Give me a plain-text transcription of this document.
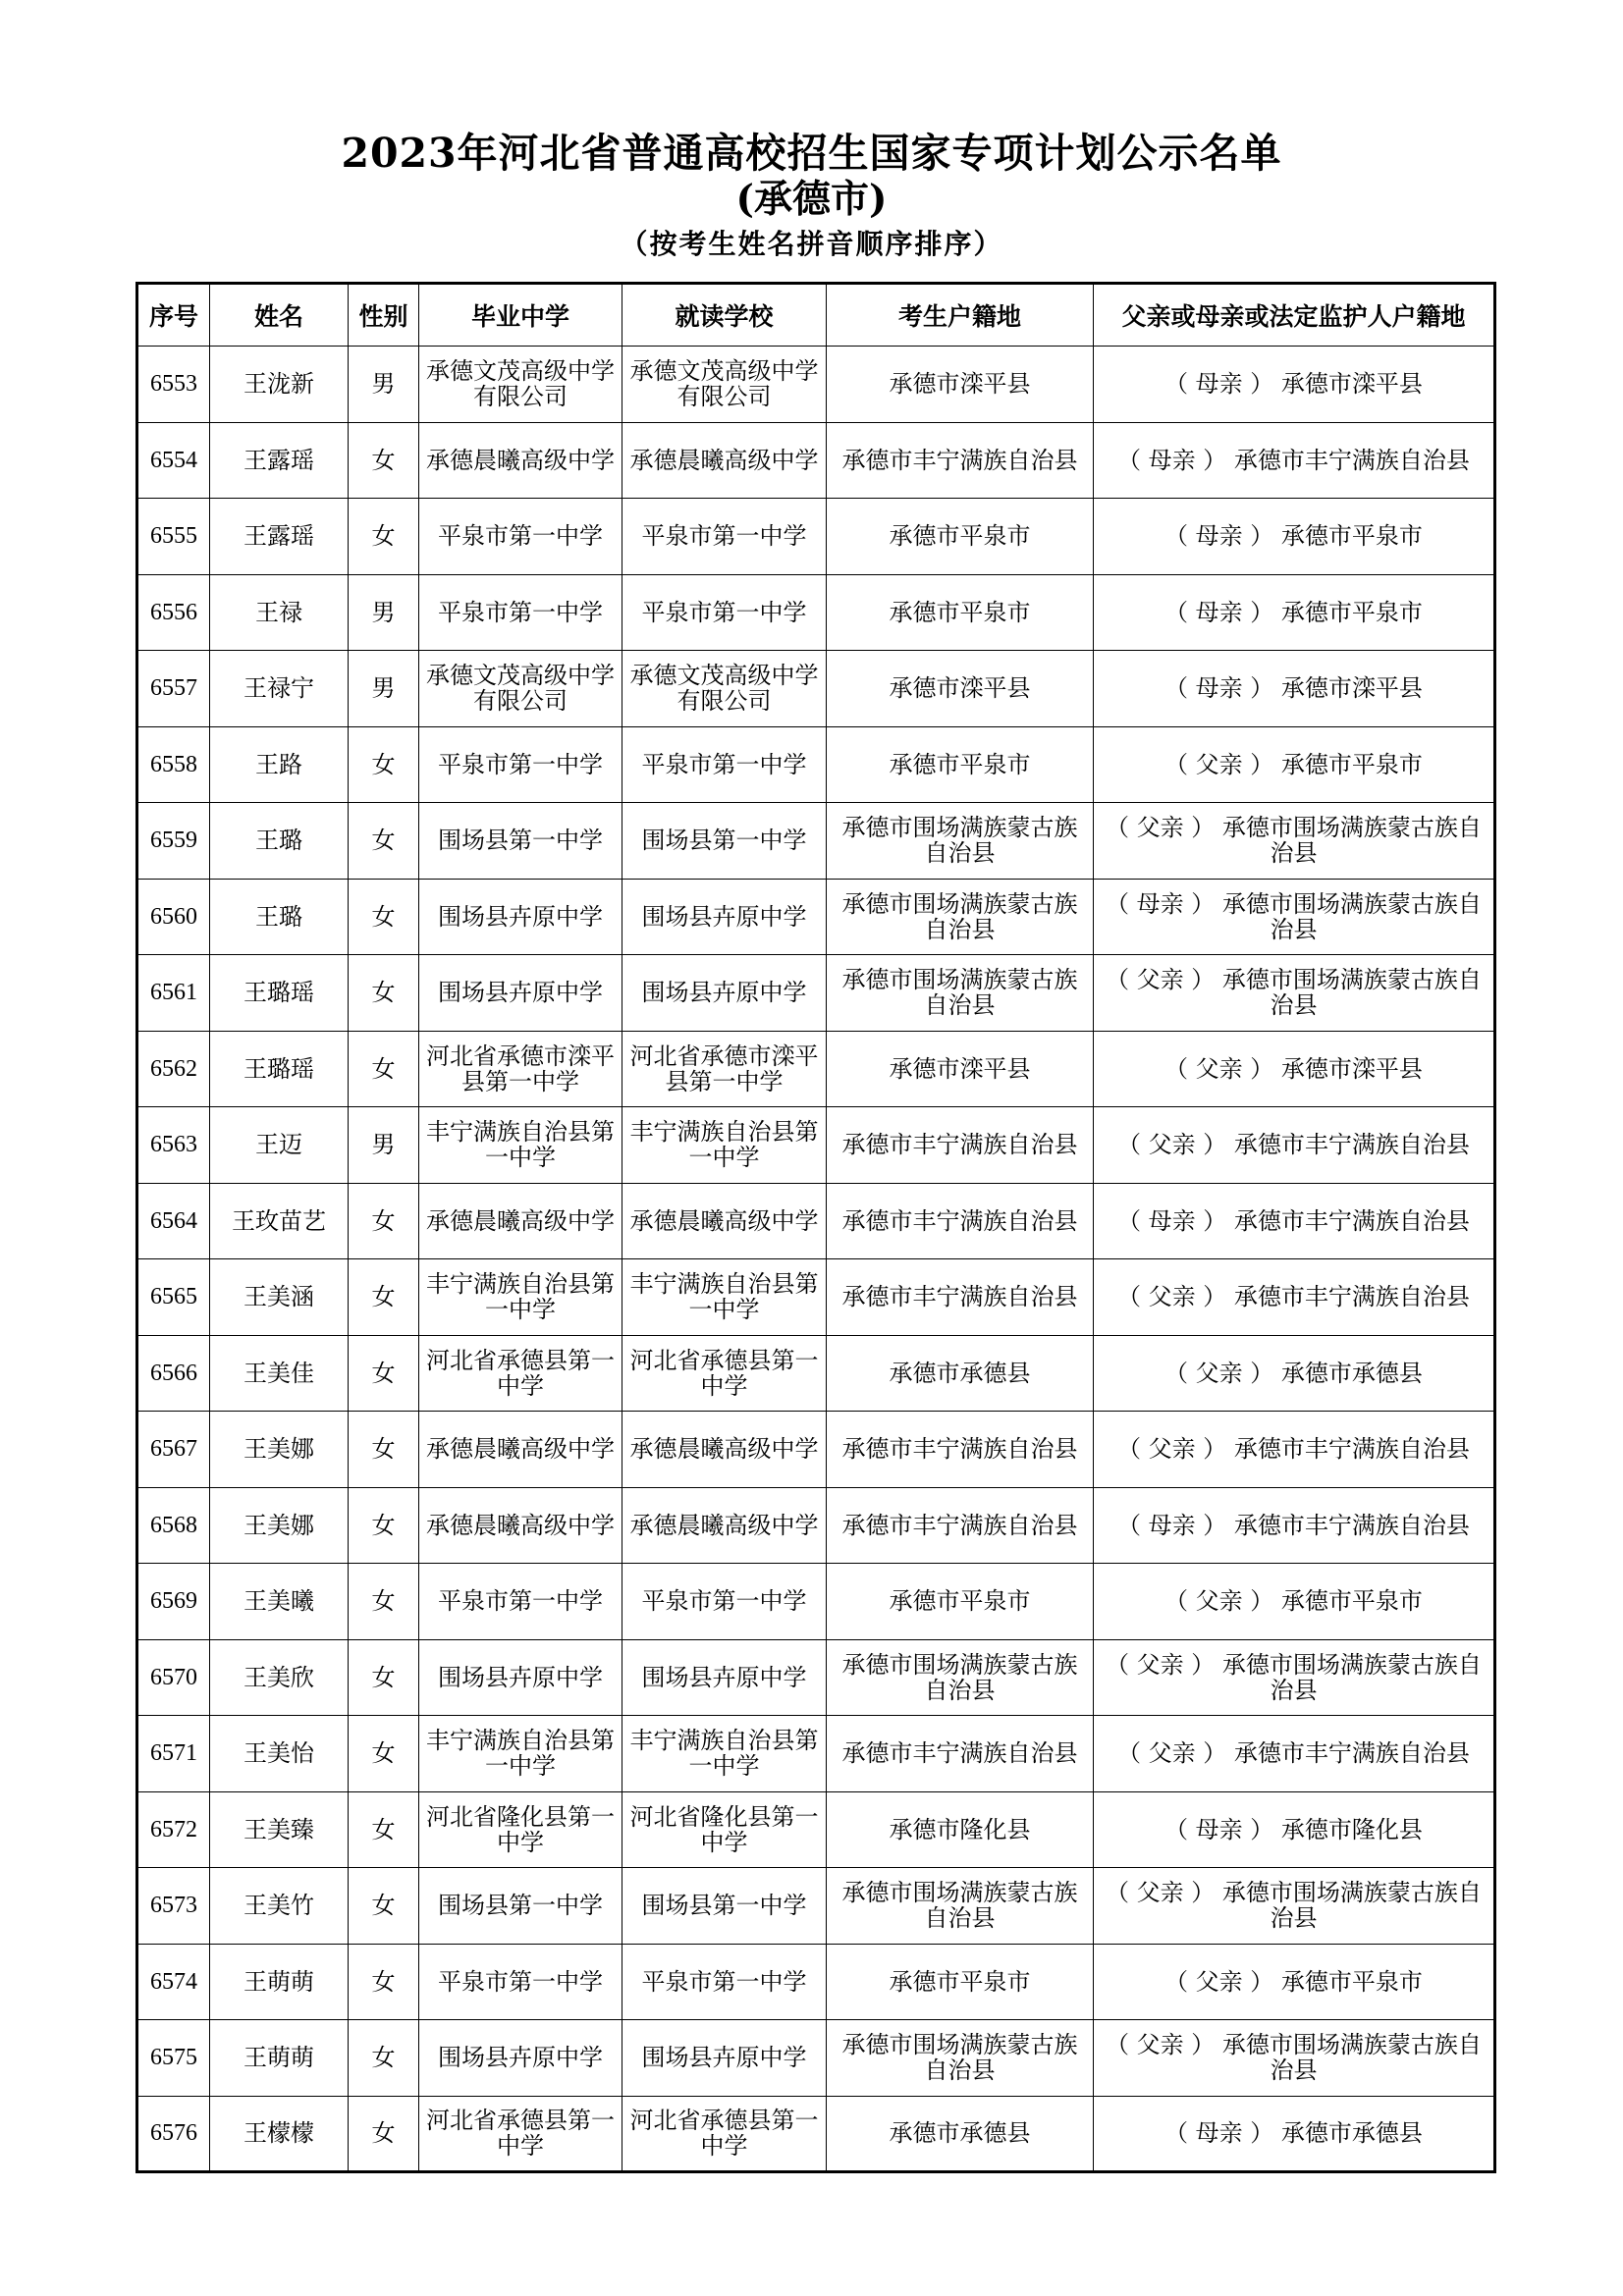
2023年河北省普通高校招生国家专项计划公示名单
(承德市)
（按考生姓名拼音顺序排序）
序号	姓名	性别	毕业中学	就读学校	考生户籍地	父亲或母亲或法定监护人户籍地
6553	王泷新	男	承德文茂高级中学有限公司	承德文茂高级中学有限公司	承德市滦平县	（ 母亲 ） 承德市滦平县
6554	王露瑶	女	承德晨曦高级中学	承德晨曦高级中学	承德市丰宁满族自治县	（ 母亲 ） 承德市丰宁满族自治县
6555	王露瑶	女	平泉市第一中学	平泉市第一中学	承德市平泉市	（ 母亲 ） 承德市平泉市
6556	王禄	男	平泉市第一中学	平泉市第一中学	承德市平泉市	（ 母亲 ） 承德市平泉市
6557	王禄宁	男	承德文茂高级中学有限公司	承德文茂高级中学有限公司	承德市滦平县	（ 母亲 ） 承德市滦平县
6558	王路	女	平泉市第一中学	平泉市第一中学	承德市平泉市	（ 父亲 ） 承德市平泉市
6559	王璐	女	围场县第一中学	围场县第一中学	承德市围场满族蒙古族自治县	（ 父亲 ） 承德市围场满族蒙古族自治县
6560	王璐	女	围场县卉原中学	围场县卉原中学	承德市围场满族蒙古族自治县	（ 母亲 ） 承德市围场满族蒙古族自治县
6561	王璐瑶	女	围场县卉原中学	围场县卉原中学	承德市围场满族蒙古族自治县	（ 父亲 ） 承德市围场满族蒙古族自治县
6562	王璐瑶	女	河北省承德市滦平县第一中学	河北省承德市滦平县第一中学	承德市滦平县	（ 父亲 ） 承德市滦平县
6563	王迈	男	丰宁满族自治县第一中学	丰宁满族自治县第一中学	承德市丰宁满族自治县	（ 父亲 ） 承德市丰宁满族自治县
6564	王玫苗艺	女	承德晨曦高级中学	承德晨曦高级中学	承德市丰宁满族自治县	（ 母亲 ） 承德市丰宁满族自治县
6565	王美涵	女	丰宁满族自治县第一中学	丰宁满族自治县第一中学	承德市丰宁满族自治县	（ 父亲 ） 承德市丰宁满族自治县
6566	王美佳	女	河北省承德县第一中学	河北省承德县第一中学	承德市承德县	（ 父亲 ） 承德市承德县
6567	王美娜	女	承德晨曦高级中学	承德晨曦高级中学	承德市丰宁满族自治县	（ 父亲 ） 承德市丰宁满族自治县
6568	王美娜	女	承德晨曦高级中学	承德晨曦高级中学	承德市丰宁满族自治县	（ 母亲 ） 承德市丰宁满族自治县
6569	王美曦	女	平泉市第一中学	平泉市第一中学	承德市平泉市	（ 父亲 ） 承德市平泉市
6570	王美欣	女	围场县卉原中学	围场县卉原中学	承德市围场满族蒙古族自治县	（ 父亲 ） 承德市围场满族蒙古族自治县
6571	王美怡	女	丰宁满族自治县第一中学	丰宁满族自治县第一中学	承德市丰宁满族自治县	（ 父亲 ） 承德市丰宁满族自治县
6572	王美臻	女	河北省隆化县第一中学	河北省隆化县第一中学	承德市隆化县	（ 母亲 ） 承德市隆化县
6573	王美竹	女	围场县第一中学	围场县第一中学	承德市围场满族蒙古族自治县	（ 父亲 ） 承德市围场满族蒙古族自治县
6574	王萌萌	女	平泉市第一中学	平泉市第一中学	承德市平泉市	（ 父亲 ） 承德市平泉市
6575	王萌萌	女	围场县卉原中学	围场县卉原中学	承德市围场满族蒙古族自治县	（ 父亲 ） 承德市围场满族蒙古族自治县
6576	王檬檬	女	河北省承德县第一中学	河北省承德县第一中学	承德市承德县	（ 母亲 ） 承德市承德县
